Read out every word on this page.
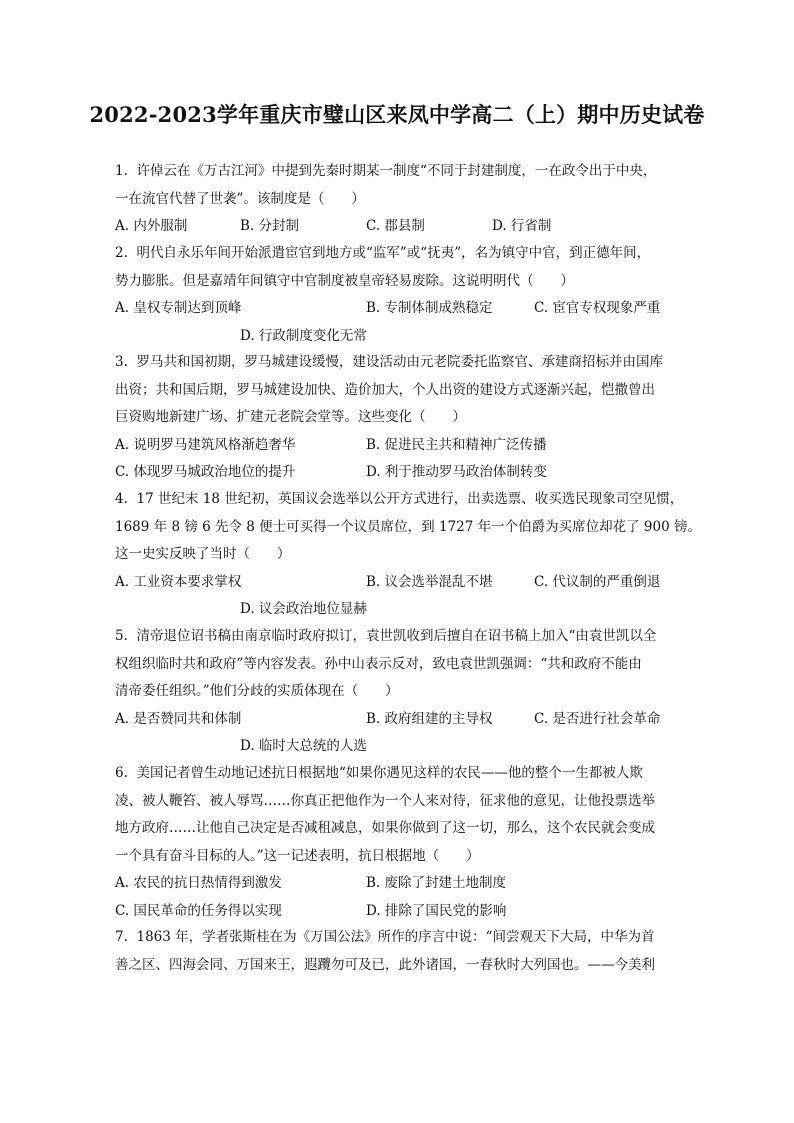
2022-2023学年重庆市璧山区来凤中学高二（上）期中历史试卷
1. 许倬云在《万古江河》中提到先秦时期某一制度“不同于封建制度，一在政令出于中央，
一在流官代替了世袭”。该制度是（　　）
A. 内外服制	B. 分封制	C. 郡县制	D. 行省制
2. 明代自永乐年间开始派遣宦官到地方或“监军”或“抚夷”，名为镇守中官，到正德年间，
势力膨胀。但是嘉靖年间镇守中官制度被皇帝轻易废除。这说明明代（　　）
A. 皇权专制达到顶峰	B. 专制体制成熟稳定	C. 宦官专权现象严重
D. 行政制度变化无常
3. 罗马共和国初期，罗马城建设缓慢，建设活动由元老院委托监察官、承建商招标并由国库
出资；共和国后期，罗马城建设加快、造价加大，个人出资的建设方式逐渐兴起，恺撒曾出
巨资购地新建广场、扩建元老院会堂等。这些变化（　　）
A. 说明罗马建筑风格渐趋奢华	B. 促进民主共和精神广泛传播
C. 体现罗马城政治地位的提升	D. 利于推动罗马政治体制转变
4. 17 世纪末 18 世纪初，英国议会选举以公开方式进行，出卖选票、收买选民现象司空见惯，
1689 年 8 镑 6 先令 8 便士可买得一个议员席位，到 1727 年一个伯爵为买席位却花了 900 镑。
这一史实反映了当时（　　）
A. 工业资本要求掌权	B. 议会选举混乱不堪	C. 代议制的严重倒退
D. 议会政治地位显赫
5. 清帝退位诏书稿由南京临时政府拟订，袁世凯收到后擅自在诏书稿上加入“由袁世凯以全
权组织临时共和政府”等内容发表。孙中山表示反对，致电袁世凯强调：“共和政府不能由
清帝委任组织。”他们分歧的实质体现在（　　）
A. 是否赞同共和体制	B. 政府组建的主导权	C. 是否进行社会革命
D. 临时大总统的人选
6. 美国记者曾生动地记述抗日根据地“如果你遇见这样的农民——他的整个一生都被人欺
凌、被人鞭笞、被人辱骂……你真正把他作为一个人来对待，征求他的意见，让他投票选举
地方政府……让他自己决定是否减租减息，如果你做到了这一切，那么，这个农民就会变成
一个具有奋斗目标的人。”这一记述表明，抗日根据地（　　）
A. 农民的抗日热情得到激发	B. 废除了封建土地制度
C. 国民革命的任务得以实现	D. 排除了国民党的影响
7. 1863 年，学者张斯桂在为《万国公法》所作的序言中说：“间尝观天下大局，中华为首
善之区、四海会同、万国来王，遐𨈇勿可及已，此外诸国，一春秋时大列国也。——今美利
